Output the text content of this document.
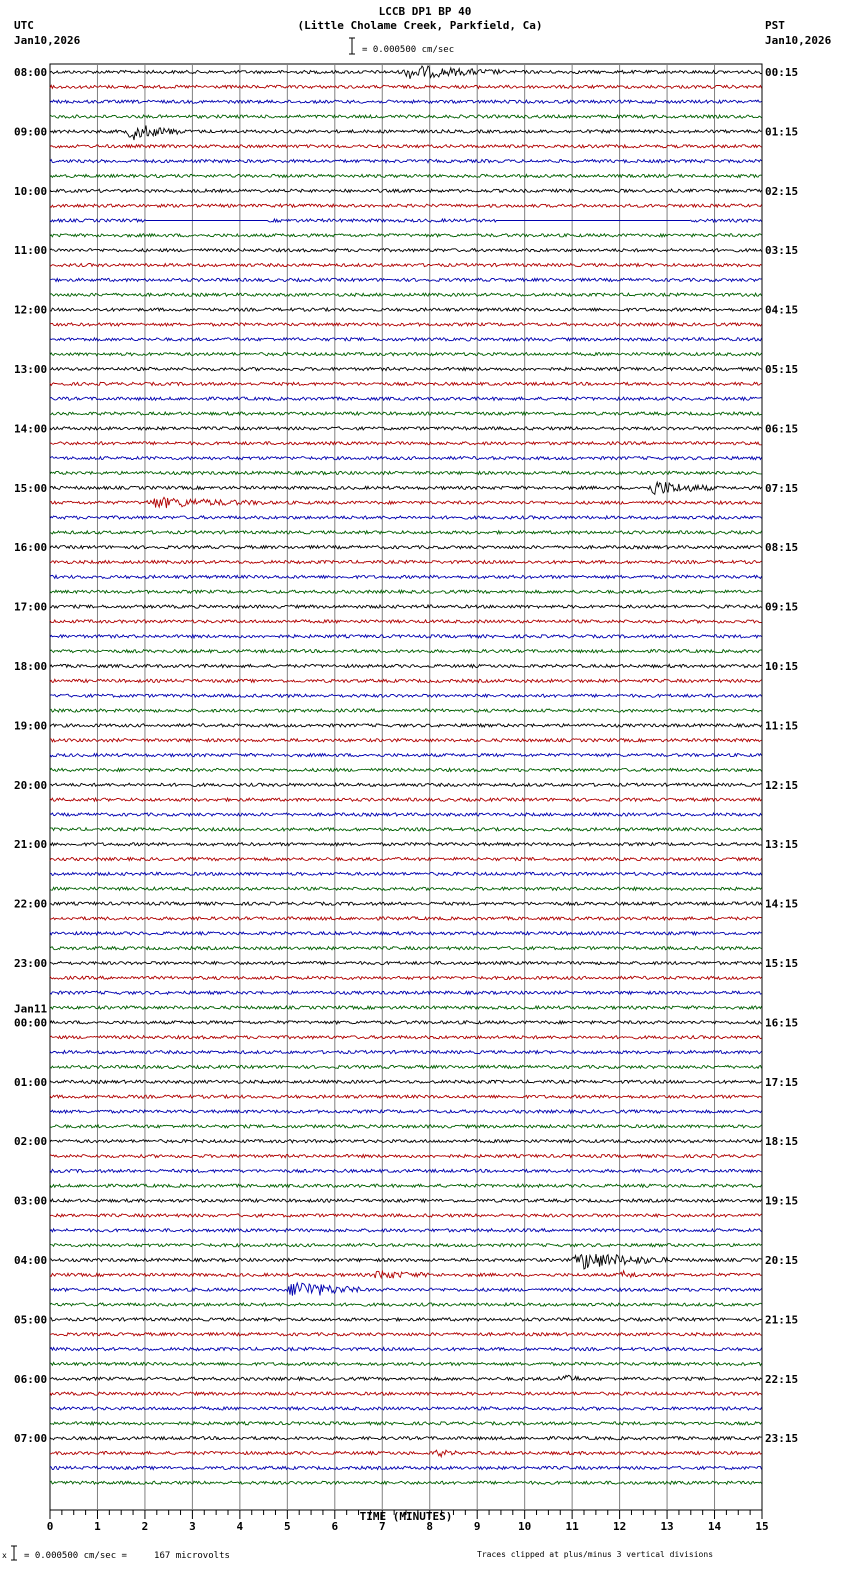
LCCB DP1 BP 40
(Little Cholame Creek, Parkfield, Ca)
UTC
Jan10,2026
PST
Jan10,2026
= 0.000500 cm/sec
0	1	2	3	4	5	6	7	8	9	10	11	12	13	14	15
TIME (MINUTES)
08:00
09:00
10:00
11:00
12:00
13:00
14:00
15:00
16:00
17:00
18:00
19:00
20:00
21:00
22:00
23:00
00:00
Jan11
01:00
02:00
03:00
04:00
05:00
06:00
07:00
00:15
01:15
02:15
03:15
04:15
05:15
06:15
07:15
08:15
09:15
10:15
11:15
12:15
13:15
14:15
15:15
16:15
17:15
18:15
19:15
20:15
21:15
22:15
23:15
x = 0.000500 cm/sec =     167 microvolts	Traces clipped at plus/minus 3 vertical divisions
